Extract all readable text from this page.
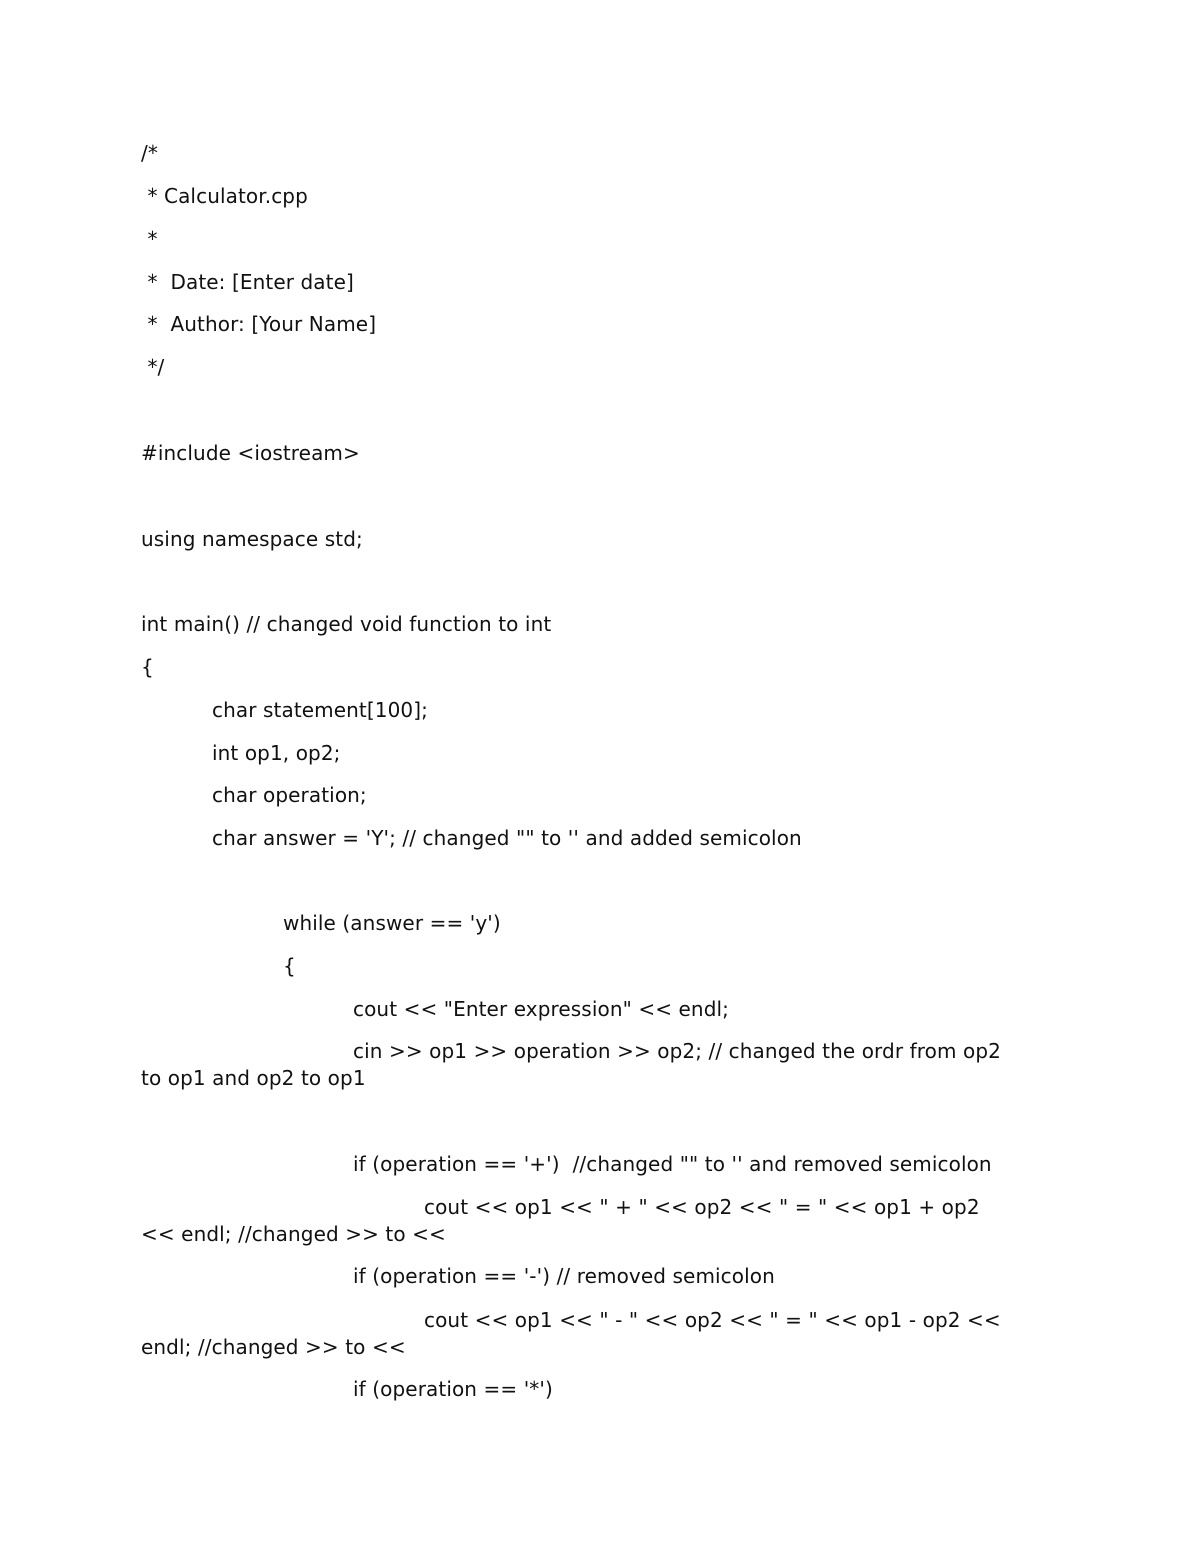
/*
* Calculator.cpp
*
*  Date: [Enter date]
*  Author: [Your Name]
*/
#include <iostream>
using namespace std;
int main() // changed void function to int
{
char statement[100];
int op1, op2;
char operation;
char answer = 'Y'; // changed "" to '' and added semicolon
while (answer == 'y')
{
cout << "Enter expression" << endl;
cin >> op1 >> operation >> op2; // changed the ordr from op2
to op1 and op2 to op1
if (operation == '+')  //changed "" to '' and removed semicolon
cout << op1 << " + " << op2 << " = " << op1 + op2
<< endl; //changed >> to <<
if (operation == '-') // removed semicolon
cout << op1 << " - " << op2 << " = " << op1 - op2 <<
endl; //changed >> to <<
if (operation == '*')
